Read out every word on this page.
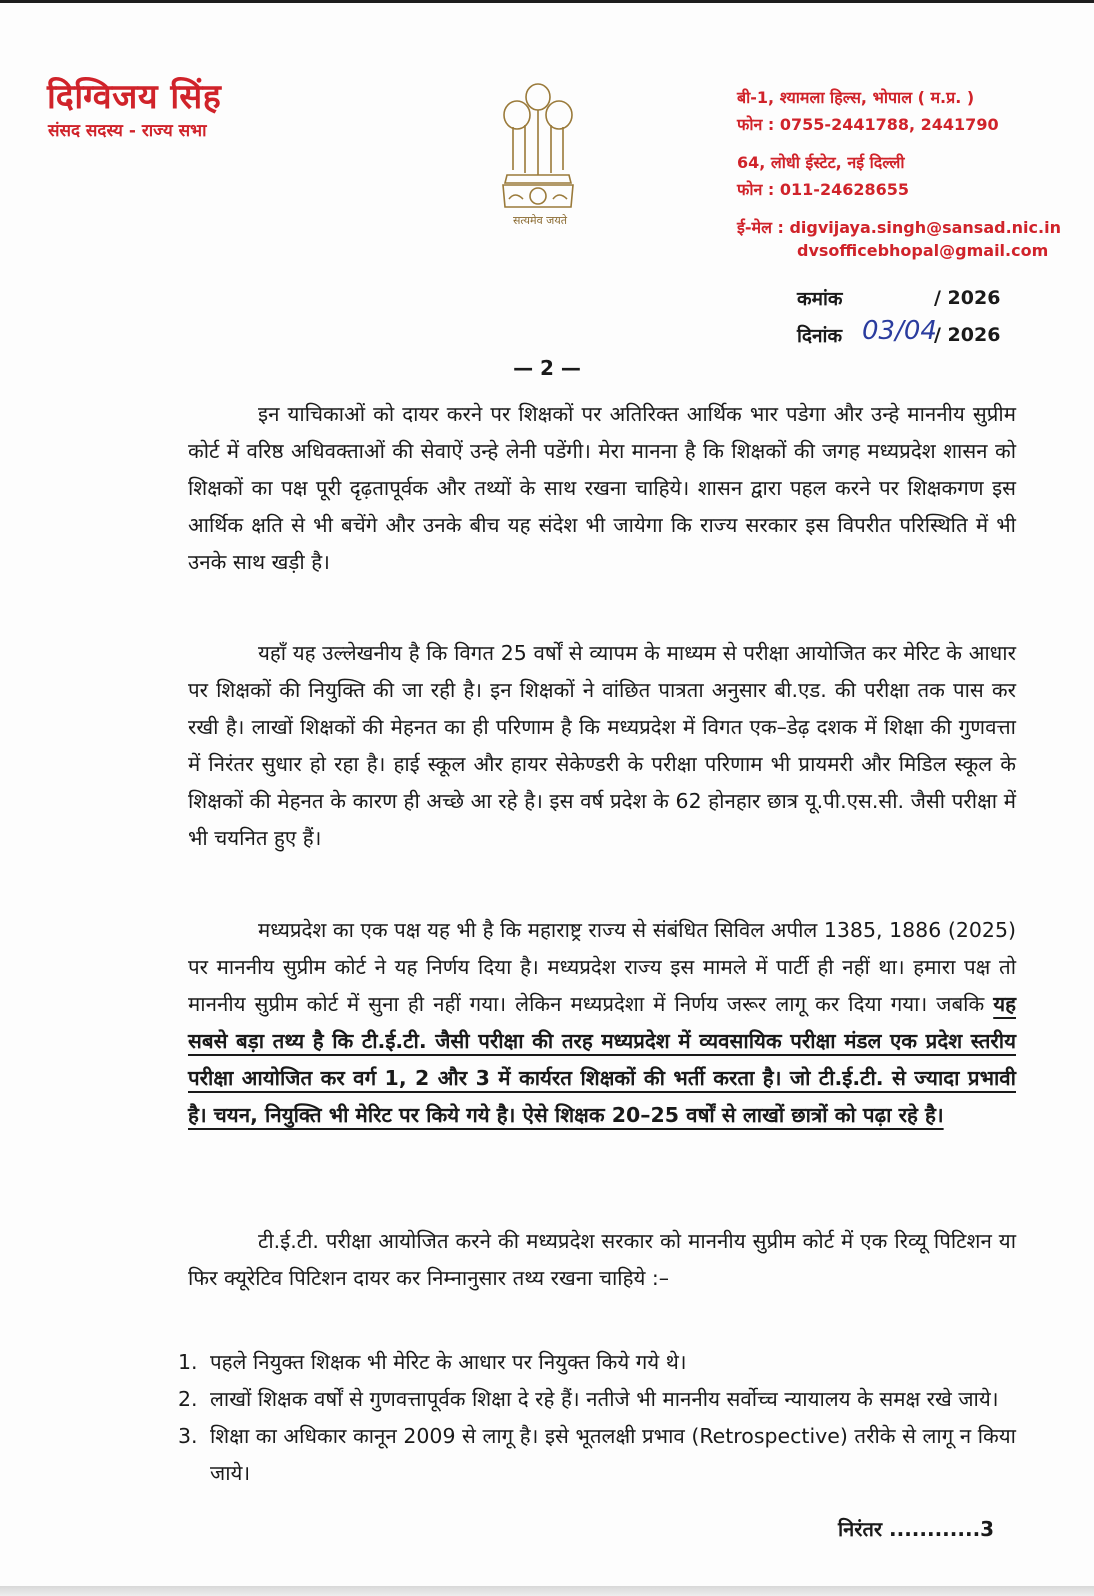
दिग्विजय सिंह
संसद सदस्य - राज्य सभा
सत्यमेव जयते
बी-1, श्यामला हिल्स, भोपाल ( म.प्र. )
फोन : 0755-2441788, 2441790
64, लोधी ईस्टेट, नई दिल्ली
फोन : 011-24628655
ई-मेल : digvijaya.singh@sansad.nic.in
dvsofficebhopal@gmail.com
कमांक	/ 2026
दिनांक 03/04
/ 2026
— 2 —

इन याचिकाओं को दायर करने पर शिक्षकों पर अतिरिक्त आर्थिक भार पडेगा और उन्हे माननीय सुप्रीम कोर्ट में वरिष्ठ अधिवक्ताओं की सेवाऐं उन्हे लेनी पडेंगी। मेरा मानना है कि शिक्षकों की जगह मध्यप्रदेश शासन को शिक्षकों का पक्ष पूरी दृढ़तापूर्वक और तथ्यों के साथ रखना चाहिये। शासन द्वारा पहल करने पर शिक्षकगण इस आर्थिक क्षति से भी बचेंगे और उनके बीच यह संदेश भी जायेगा कि राज्य सरकार इस विपरीत परिस्थिति में भी उनके साथ खड़ी है।

यहाँ यह उल्लेखनीय है कि विगत 25 वर्षों से व्यापम के माध्यम से परीक्षा आयोजित कर मेरिट के आधार पर शिक्षकों की नियुक्ति की जा रही है। इन शिक्षकों ने वांछित पात्रता अनुसार बी.एड. की परीक्षा तक पास कर रखी है। लाखों शिक्षकों की मेहनत का ही परिणाम है कि मध्यप्रदेश में विगत एक–डेढ़ दशक में शिक्षा की गुणवत्ता में निरंतर सुधार हो रहा है। हाई स्कूल और हायर सेकेण्डरी के परीक्षा परिणाम भी प्रायमरी और मिडिल स्कूल के शिक्षकों की मेहनत के कारण ही अच्छे आ रहे है। इस वर्ष प्रदेश के 62 होनहार छात्र यू.पी.एस.सी. जैसी परीक्षा में भी चयनित हुए हैं।

मध्यप्रदेश का एक पक्ष यह भी है कि महाराष्ट्र राज्य से संबंधित सिविल अपील 1385, 1886 (2025) पर माननीय सुप्रीम कोर्ट ने यह निर्णय दिया है। मध्यप्रदेश राज्य इस मामले में पार्टी ही नहीं था। हमारा पक्ष तो माननीय सुप्रीम कोर्ट में सुना ही नहीं गया। लेकिन मध्यप्रदेशा में निर्णय जरूर लागू कर दिया गया। जबकि यह सबसे बड़ा तथ्य है कि टी.ई.टी. जैसी परीक्षा की तरह मध्यप्रदेश में व्यवसायिक परीक्षा मंडल एक प्रदेश स्तरीय परीक्षा आयोजित कर वर्ग 1, 2 और 3 में कार्यरत शिक्षकों की भर्ती करता है। जो टी.ई.टी. से ज्यादा प्रभावी है। चयन, नियुक्ति भी मेरिट पर किये गये है। ऐसे शिक्षक 20–25 वर्षों से लाखों छात्रों को पढ़ा रहे है।

टी.ई.टी. परीक्षा आयोजित करने की मध्यप्रदेश सरकार को माननीय सुप्रीम कोर्ट में एक रिव्यू पिटिशन या फिर क्यूरेटिव पिटिशन दायर कर निम्नानुसार तथ्य रखना चाहिये :–

1. पहले नियुक्त शिक्षक भी मेरिट के आधार पर नियुक्त किये गये थे।
2. लाखों शिक्षक वर्षों से गुणवत्तापूर्वक शिक्षा दे रहे हैं। नतीजे भी माननीय सर्वोच्च न्यायालय के समक्ष रखे जाये।
3. शिक्षा का अधिकार कानून 2009 से लागू है। इसे भूतलक्षी प्रभाव (Retrospective) तरीके से लागू न किया जाये।
निरंतर ............3
